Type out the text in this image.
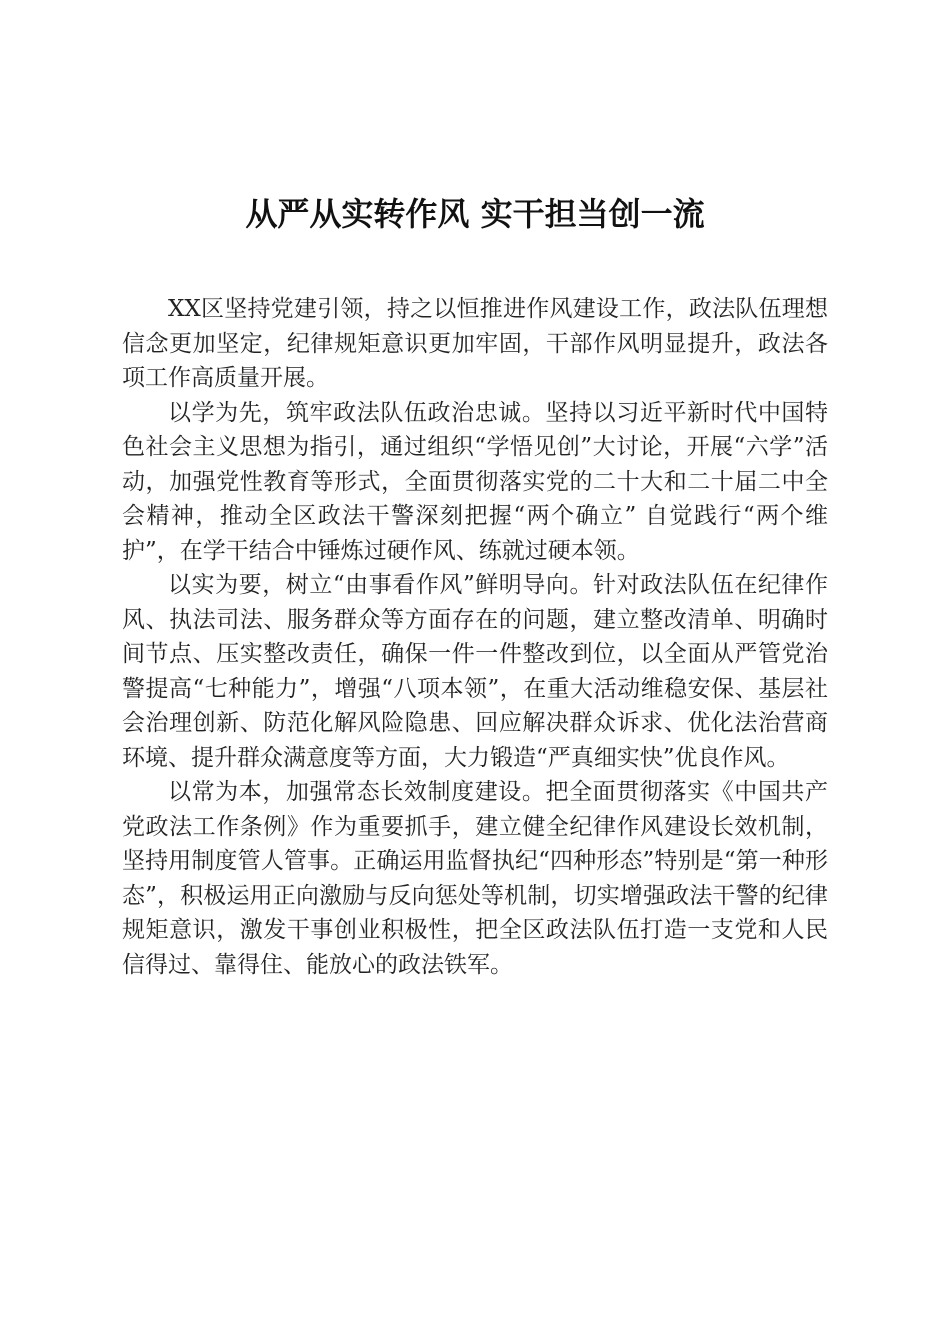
从严从实转作风 实干担当创一流

XX区坚持党建引领，持之以恒推进作风建设工作，政法队伍理想信念更加坚定，纪律规矩意识更加牢固，干部作风明显提升，政法各项工作高质量开展。

以学为先，筑牢政法队伍政治忠诚。坚持以习近平新时代中国特色社会主义思想为指引，通过组织“学悟见创”大讨论，开展“六学”活动，加强党性教育等形式，全面贯彻落实党的二十大和二十届二中全会精神，推动全区政法干警深刻把握“两个确立” 自觉践行“两个维护”，在学干结合中锤炼过硬作风、练就过硬本领。

以实为要，树立“由事看作风”鲜明导向。针对政法队伍在纪律作风、执法司法、服务群众等方面存在的问题，建立整改清单、明确时间节点、压实整改责任，确保一件一件整改到位，以全面从严管党治警提高“七种能力”，增强“八项本领”，在重大活动维稳安保、基层社会治理创新、防范化解风险隐患、回应解决群众诉求、优化法治营商环境、提升群众满意度等方面，大力锻造“严真细实快”优良作风。

以常为本，加强常态长效制度建设。把全面贯彻落实《中国共产党政法工作条例》作为重要抓手，建立健全纪律作风建设长效机制，坚持用制度管人管事。正确运用监督执纪“四种形态”特别是“第一种形态”，积极运用正向激励与反向惩处等机制，切实增强政法干警的纪律规矩意识，激发干事创业积极性，把全区政法队伍打造一支党和人民信得过、靠得住、能放心的政法铁军。
